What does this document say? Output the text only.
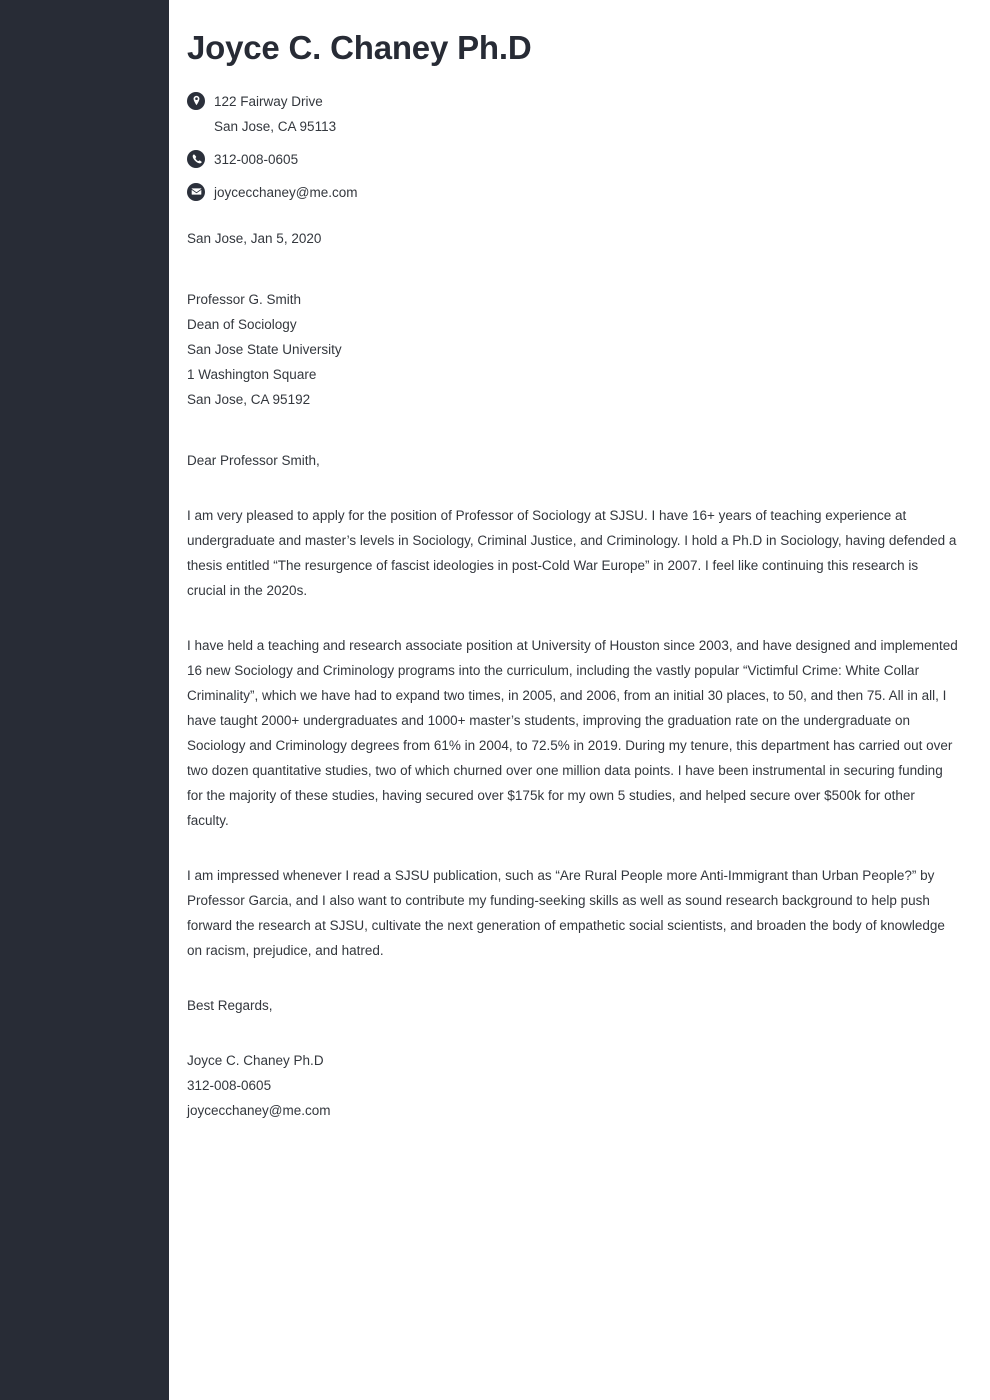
Joyce C. Chaney Ph.D
122 Fairway Drive
San Jose, CA 95113
312-008-0605
joycecchaney@me.com
San Jose, Jan 5, 2020
Professor G. Smith
Dean of Sociology
San Jose State University
1 Washington Square
San Jose, CA 95192
Dear Professor Smith,

I am very pleased to apply for the position of Professor of Sociology at SJSU. I have 16+ years of teaching experience at undergraduate and master’s levels in Sociology, Criminal Justice, and Criminology. I hold a Ph.D in Sociology, having defended a thesis entitled “The resurgence of fascist ideologies in post-Cold War Europe” in 2007. I feel like continuing this research is crucial in the 2020s.

I have held a teaching and research associate position at University of Houston since 2003, and have designed and implemented 16 new Sociology and Criminology programs into the curriculum, including the vastly popular “Victimful Crime: White Collar Criminality”, which we have had to expand two times, in 2005, and 2006, from an initial 30 places, to 50, and then 75. All in all, I have taught 2000+ undergraduates and 1000+ master’s students, improving the graduation rate on the undergraduate on Sociology and Criminology degrees from 61% in 2004, to 72.5% in 2019. During my tenure, this department has carried out over two dozen quantitative studies, two of which churned over one million data points. I have been instrumental in securing funding for the majority of these studies, having secured over $175k for my own 5 studies, and helped secure over $500k for other faculty.

I am impressed whenever I read a SJSU publication, such as “Are Rural People more Anti-Immigrant than Urban People?” by Professor Garcia, and I also want to contribute my funding-seeking skills as well as sound research background to help push forward the research at SJSU, cultivate the next generation of empathetic social scientists, and broaden the body of knowledge on racism, prejudice, and hatred.

Best Regards,
Joyce C. Chaney Ph.D
312-008-0605
joycecchaney@me.com
